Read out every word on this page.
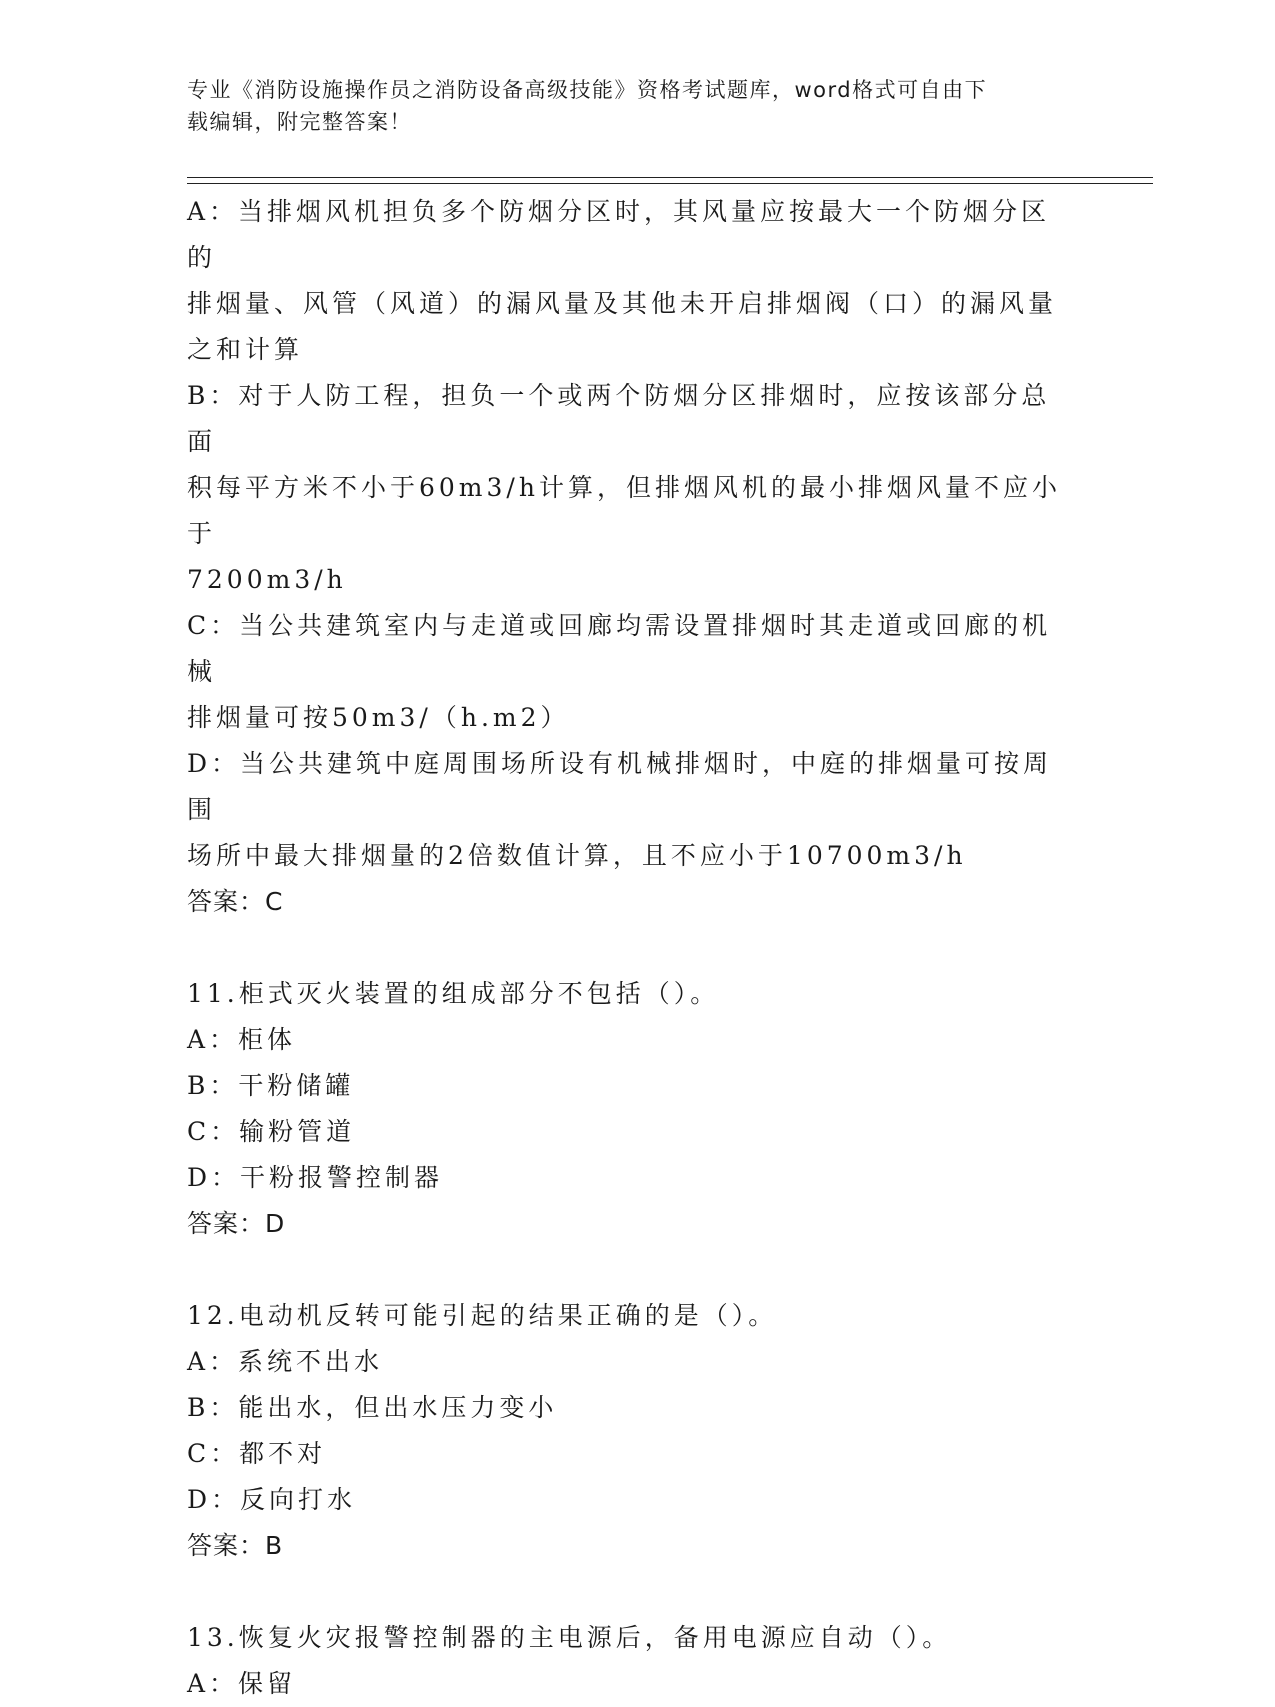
专业《消防设施操作员之消防设备高级技能》资格考试题库，word格式可自由下
载编辑，附完整答案！
A：当排烟风机担负多个防烟分区时，其风量应按最大一个防烟分区的
排烟量、风管（风道）的漏风量及其他未开启排烟阀（口）的漏风量
之和计算
B：对于人防工程，担负一个或两个防烟分区排烟时，应按该部分总面
积每平方米不小于60m3/h计算，但排烟风机的最小排烟风量不应小于
7200m3/h
C：当公共建筑室内与走道或回廊均需设置排烟时其走道或回廊的机械
排烟量可按50m3/（h.m2）
D：当公共建筑中庭周围场所设有机械排烟时，中庭的排烟量可按周围
场所中最大排烟量的2倍数值计算，且不应小于10700m3/h
答案：C
11.柜式灭火装置的组成部分不包括（）。
A：柜体
B：干粉储罐
C：输粉管道
D：干粉报警控制器
答案：D
12.电动机反转可能引起的结果正确的是（）。
A：系统不出水
B：能出水，但出水压力变小
C：都不对
D：反向打水
答案：B
13.恢复火灾报警控制器的主电源后，备用电源应自动（）。
A：保留
